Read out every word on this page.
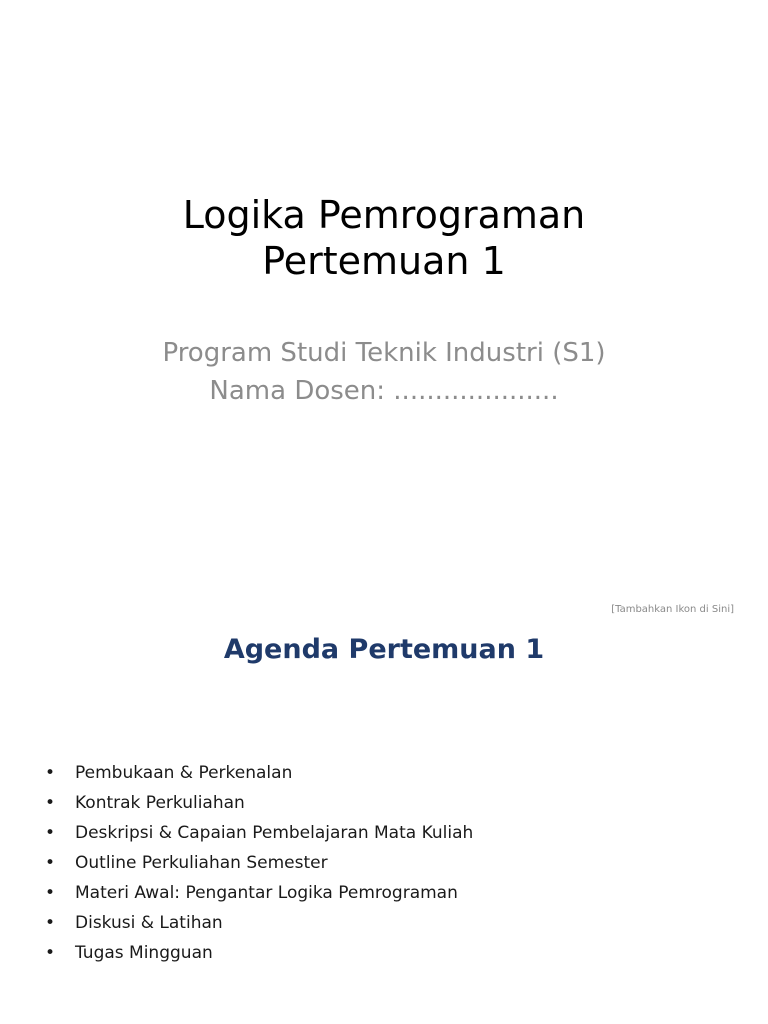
Logika Pemrograman
Pertemuan 1
Program Studi Teknik Industri (S1)
Nama Dosen: ....................
[Tambahkan Ikon di Sini]
Agenda Pertemuan 1
• Pembukaan & Perkenalan
• Kontrak Perkuliahan
• Deskripsi & Capaian Pembelajaran Mata Kuliah
• Outline Perkuliahan Semester
• Materi Awal: Pengantar Logika Pemrograman
• Diskusi & Latihan
• Tugas Mingguan
